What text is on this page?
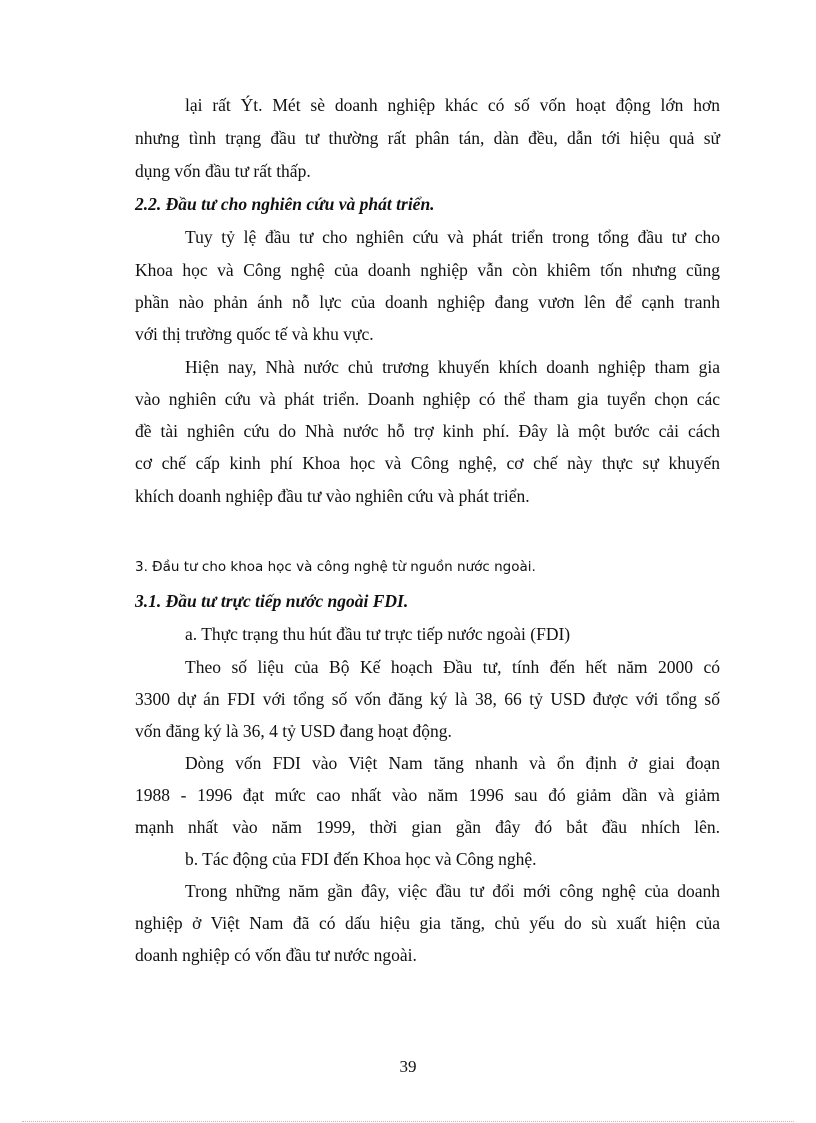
lại rất Ýt. Mét sè doanh nghiệp khác có số vốn hoạt động lớn hơn
nhưng tình trạng đầu tư thường rất phân tán, dàn đều, dẫn tới hiệu quả sử
dụng vốn đầu tư rất thấp.
2.2. Đầu tư cho nghiên cứu và phát triển.
Tuy tỷ lệ đầu tư cho nghiên cứu và phát triển trong tổng đầu tư cho
Khoa học và Công nghệ của doanh nghiệp vẫn còn khiêm tốn nhưng cũng
phần nào phản ánh nỗ lực của doanh nghiệp đang vươn lên để cạnh tranh
với thị trường quốc tế và khu vực.
Hiện nay, Nhà nước chủ trương khuyến khích doanh nghiệp tham gia
vào nghiên cứu và phát triển. Doanh nghiệp có thể tham gia tuyển chọn các
đề tài nghiên cứu do Nhà nước hỗ trợ kinh phí. Đây là một bước cải cách
cơ chế cấp kinh phí Khoa học và Công nghệ, cơ chế này thực sự khuyến
khích doanh nghiệp đầu tư vào nghiên cứu và phát triển.
3. Đầu tư cho khoa học và công nghệ từ nguồn nước ngoài.
3.1. Đầu tư trực tiếp nước ngoài FDI.
a. Thực trạng thu hút đầu tư trực tiếp nước ngoài (FDI)
Theo số liệu của Bộ Kế hoạch Đầu tư, tính đến hết năm 2000 có
3300 dự án FDI với tổng số vốn đăng ký là 38, 66 tỷ USD được với tổng số
vốn đăng ký là 36, 4 tỷ USD đang hoạt động.
Dòng vốn FDI vào Việt Nam tăng nhanh và ổn định ở giai đoạn
1988 - 1996 đạt mức cao nhất vào năm 1996 sau đó giảm dần và giảm
mạnh nhất vào năm 1999, thời gian gần đây đó bắt đầu nhích lên.
b. Tác động của FDI đến Khoa học và Công nghệ.
Trong những năm gần đây, việc đầu tư đổi mới công nghệ của doanh
nghiệp ở Việt Nam đã có dấu hiệu gia tăng, chủ yếu do sù xuất hiện của
doanh nghiệp có vốn đầu tư nước ngoài.
39
